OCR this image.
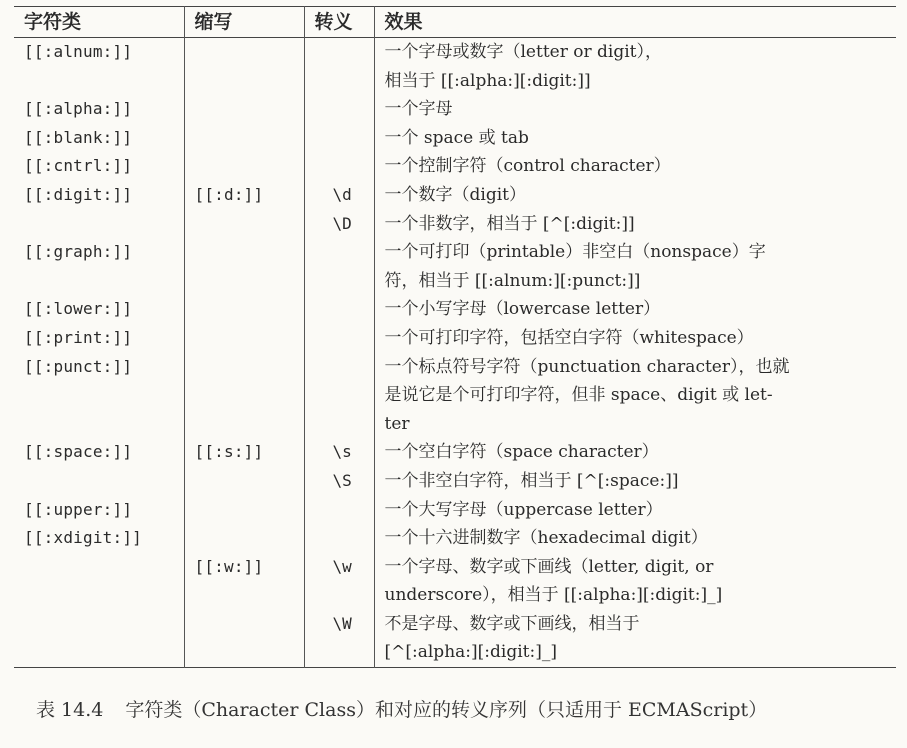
字符类	缩写	转义	效果
[[:alnum:]]			一个字母或数字（letter or digit），
相当于 [[:alpha:][:digit:]]

[[:alpha:]]			一个字母

[[:blank:]]			一个 space 或 tab

[[:cntrl:]]			一个控制字符（control character）

[[:digit:]]	[[:d:]]	\d	一个数字（digit）

		\D	一个非数字，相当于 [^[:digit:]]

[[:graph:]]			一个可打印（printable）非空白（nonspace）字
符，相当于 [[:alnum:][:punct:]]

[[:lower:]]			一个小写字母（lowercase letter）

[[:print:]]			一个可打印字符，包括空白字符（whitespace）

[[:punct:]]			一个标点符号字符（punctuation character），也就
是说它是个可打印字符，但非 space、digit 或 let-
ter

[[:space:]]	[[:s:]]	\s	一个空白字符（space character）

		\S	一个非空白字符，相当于 [^[:space:]]

[[:upper:]]			一个大写字母（uppercase letter）

[[:xdigit:]]			一个十六进制数字（hexadecimal digit）

	[[:w:]]	\w	一个字母、数字或下画线（letter, digit, or
underscore），相当于 [[:alpha:][:digit:]_]

		\W	不是字母、数字或下画线，相当于
[^[:alpha:][:digit:]_]
表 14.4 字符类（Character Class）和对应的转义序列（只适用于 ECMAScript）
